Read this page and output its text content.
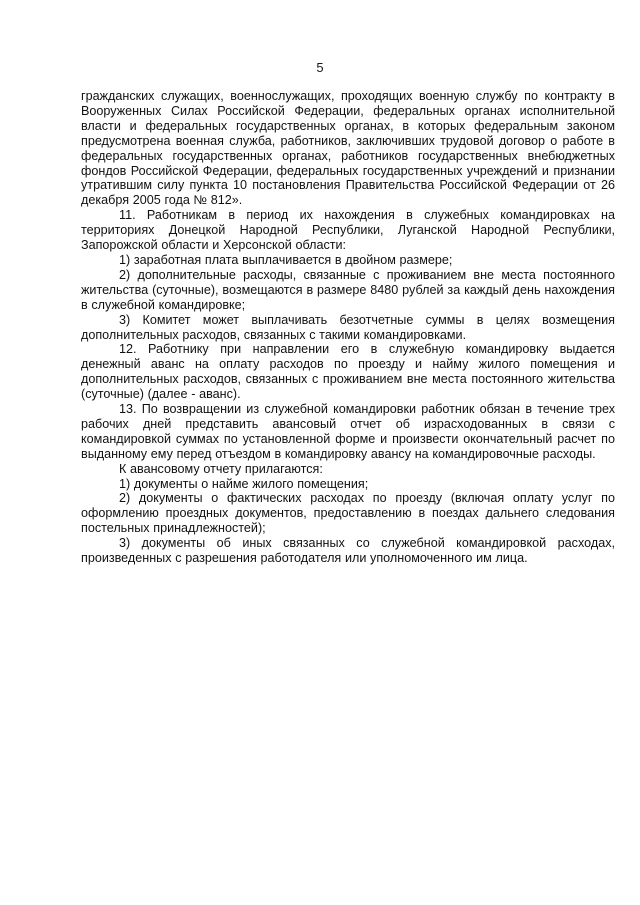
5

гражданских служащих, военнослужащих, проходящих военную службу по контракту в Вооруженных Силах Российской Федерации, федеральных органах исполнительной власти и федеральных государственных органах, в которых федеральным законом предусмотрена военная служба, работников, заключивших трудовой договор о работе в федеральных государственных органах, работников государственных внебюджетных фондов Российской Федерации, федеральных государственных учреждений и признании утратившим силу пункта 10 постановления Правительства Российской Федерации от 26 декабря 2005 года № 812».

11. Работникам в период их нахождения в служебных командировках на территориях Донецкой Народной Республики, Луганской Народной Республики, Запорожской области и Херсонской области:

1) заработная плата выплачивается в двойном размере;

2) дополнительные расходы, связанные с проживанием вне места постоянного жительства (суточные), возмещаются в размере 8480 рублей за каждый день нахождения в служебной командировке;

3) Комитет может выплачивать безотчетные суммы в целях возмещения дополнительных расходов, связанных с такими командировками.

12. Работнику при направлении его в служебную командировку выдается денежный аванс на оплату расходов по проезду и найму жилого помещения и дополнительных расходов, связанных с проживанием вне места постоянного жительства (суточные) (далее - аванс).

13. По возвращении из служебной командировки работник обязан в течение трех рабочих дней представить авансовый отчет об израсходованных в связи с командировкой суммах по установленной форме и произвести окончательный расчет по выданному ему перед отъездом в командировку авансу на командировочные расходы.

К авансовому отчету прилагаются:

1) документы о найме жилого помещения;

2) документы о фактических расходах по проезду (включая оплату услуг по оформлению проездных документов, предоставлению в поездах дальнего следования постельных принадлежностей);

3) документы об иных связанных со служебной командировкой расходах, произведенных с разрешения работодателя или уполномоченного им лица.
